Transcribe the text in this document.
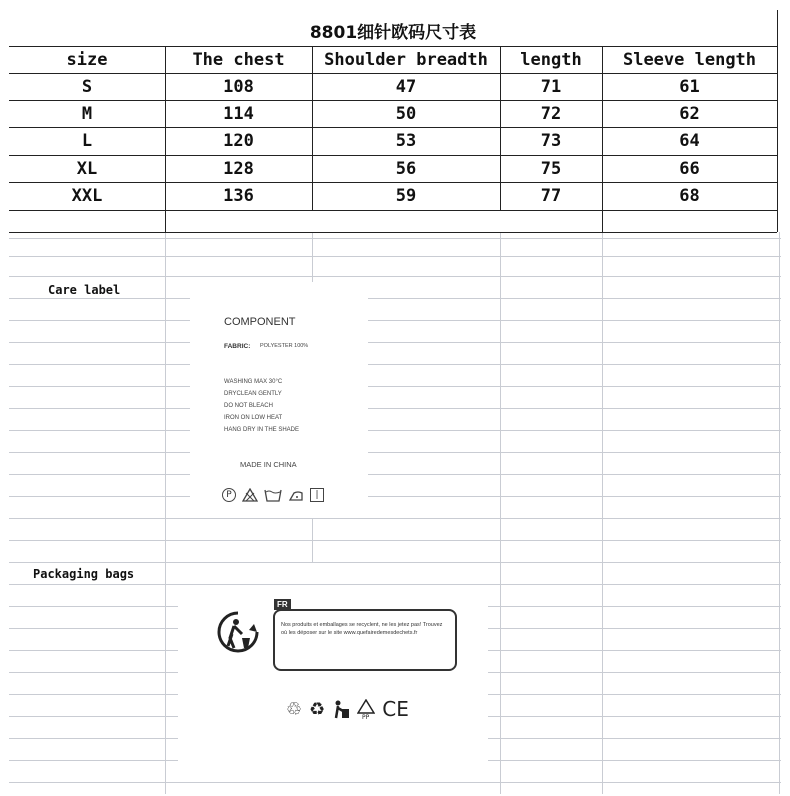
8801细针欧码尺寸表
size	The chest	Shoulder breadth	length	Sleeve length
S	108	47	71	61
M	114	50	72	62
L	120	53	73	64
XL	128	56	75	66
XXL	136	59	77	68
Care label
COMPONENT
FABRIC: POLYESTER 100%
WASHING MAX 30°C
DRYCLEAN GENTLY
DO NOT BLEACH
IRON ON LOW HEAT
HANG DRY IN THE SHADE
MADE IN CHINA
P	|
Packaging bags
Nos produits et emballages se recyclent, ne les jetez pas! Trouvez où les déposer sur le site www.quefairedemesdechets.fr
FR
♲ ♻	PP CE
